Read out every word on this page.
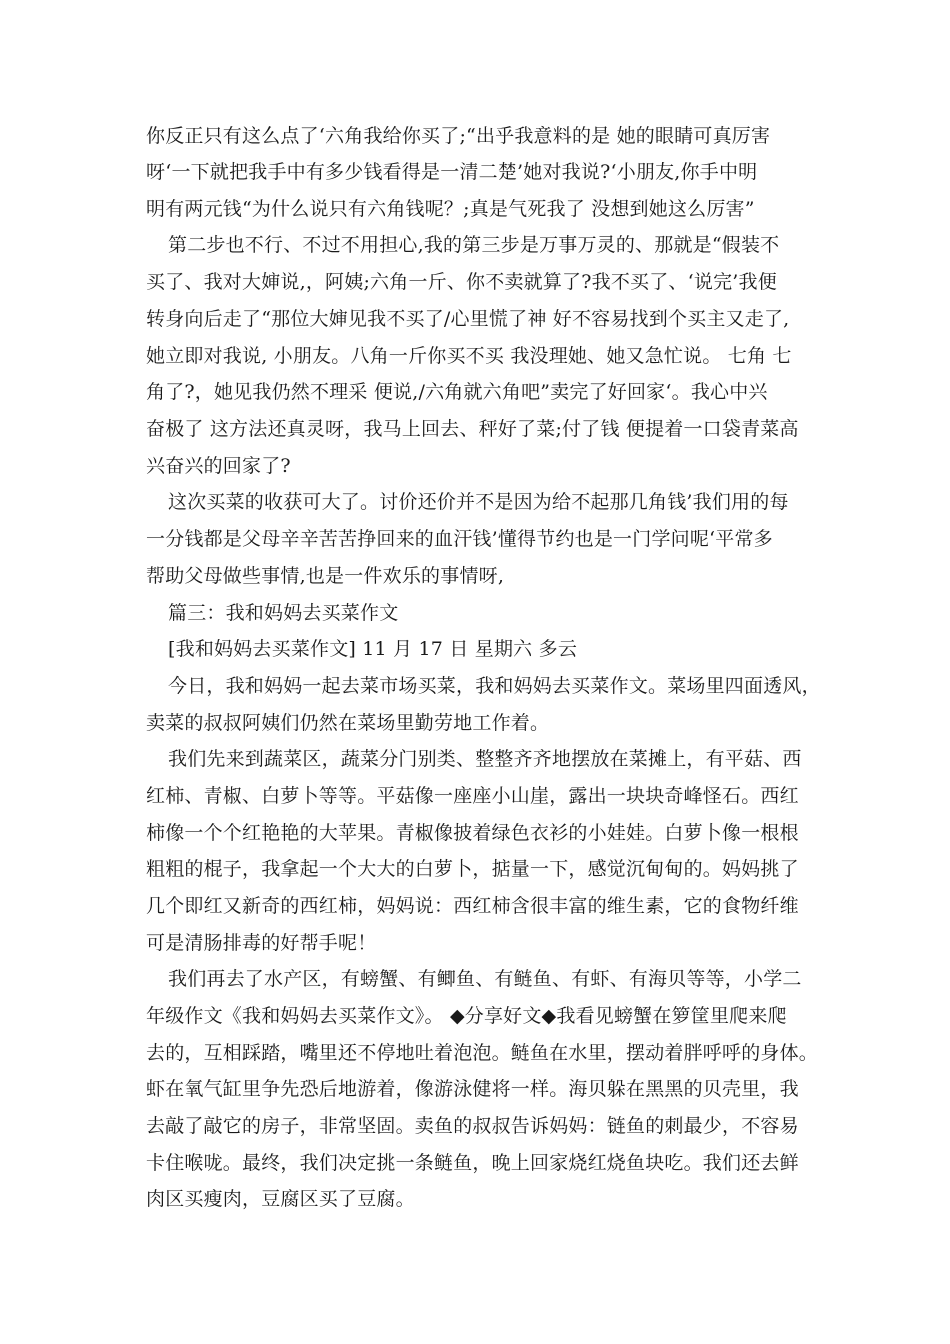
你反正只有这么点了‘六角我给你买了;“出乎我意料的是 她的眼睛可真厉害
呀‘一下就把我手中有多少钱看得是一清二楚’她对我说?‘小朋友,你手中明
明有两元钱“为什么说只有六角钱呢？;真是气死我了 没想到她这么厉害”
第二步也不行、不过不用担心,我的第三步是万事万灵的、那就是“假装不
买了、我对大婶说,，阿姨;六角一斤、你不卖就算了?我不买了、‘说完’我便
转身向后走了“那位大婶见我不买了/心里慌了神 好不容易找到个买主又走了,
她立即对我说, 小朋友。八角一斤你买不买 我没理她、她又急忙说。 七角 七
角了?，她见我仍然不理采 便说,/六角就六角吧”卖完了好回家‘。我心中兴
奋极了 这方法还真灵呀，我马上回去、秤好了菜;付了钱 便提着一口袋青菜高
兴奋兴的回家了?
这次买菜的收获可大了。讨价还价并不是因为给不起那几角钱’我们用的每
一分钱都是父母辛辛苦苦挣回来的血汗钱’懂得节约也是一门学问呢‘平常多
帮助父母做些事情,也是一件欢乐的事情呀,
篇三：我和妈妈去买菜作文
[我和妈妈去买菜作文] 11 月 17 日 星期六 多云
今日，我和妈妈一起去菜市场买菜，我和妈妈去买菜作文。菜场里四面透风，
卖菜的叔叔阿姨们仍然在菜场里勤劳地工作着。
我们先来到蔬菜区，蔬菜分门别类、整整齐齐地摆放在菜摊上，有平菇、西
红柿、青椒、白萝卜等等。平菇像一座座小山崖，露出一块块奇峰怪石。西红
柿像一个个红艳艳的大苹果。青椒像披着绿色衣衫的小娃娃。白萝卜像一根根
粗粗的棍子，我拿起一个大大的白萝卜，掂量一下，感觉沉甸甸的。妈妈挑了
几个即红又新奇的西红柿，妈妈说：西红柿含很丰富的维生素，它的食物纤维
可是清肠排毒的好帮手呢！
我们再去了水产区，有螃蟹、有鲫鱼、有鲢鱼、有虾、有海贝等等，小学二
年级作文《我和妈妈去买菜作文》。 ◆分享好文◆我看见螃蟹在箩筐里爬来爬
去的，互相踩踏，嘴里还不停地吐着泡泡。鲢鱼在水里，摆动着胖呼呼的身体。
虾在氧气缸里争先恐后地游着，像游泳健将一样。海贝躲在黑黑的贝壳里，我
去敲了敲它的房子，非常坚固。卖鱼的叔叔告诉妈妈：链鱼的刺最少，不容易
卡住喉咙。最终，我们决定挑一条鲢鱼，晚上回家烧红烧鱼块吃。我们还去鲜
肉区买瘦肉，豆腐区买了豆腐。
